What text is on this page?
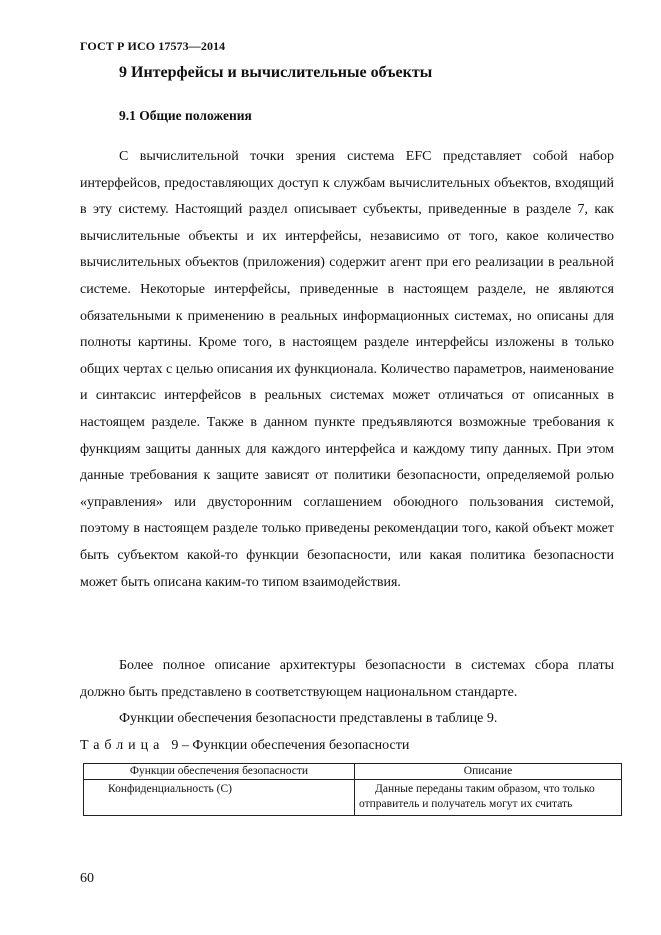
ГОСТ Р ИСО 17573—2014
9 Интерфейсы и вычислительные объекты
9.1 Общие положения

С вычислительной точки зрения система EFC представляет собой набор интерфейсов, предоставляющих доступ к службам вычислительных объектов, входящий в эту систему. Настоящий раздел описывает субъекты, приведенные в разделе 7, как вычислительные объекты и их интерфейсы, независимо от того, какое количество вычислительных объектов (приложения) содержит агент при его реализации в реальной системе. Некоторые интерфейсы, приведенные в настоящем разделе, не являются обязательными к применению в реальных информационных системах, но описаны для полноты картины. Кроме того, в настоящем разделе интерфейсы изложены в только общих чертах с целью описания их функционала. Количество параметров, наименование и синтаксис интерфейсов в реальных системах может отличаться от описанных в настоящем разделе. Также в данном пункте предъявляются возможные требования к функциям защиты данных для каждого интерфейса и каждому типу данных. При этом данные требования к защите зависят от политики безопасности, определяемой ролью «управления» или двусторонним соглашением обоюдного пользования системой, поэтому в настоящем разделе только приведены рекомендации того, какой объект может быть субъектом какой-то функции безопасности, или какая политика безопасности может быть описана каким-то типом взаимодействия.

Более полное описание архитектуры безопасности в системах сбора платы должно быть представлено в соответствующем национальном стандарте.

Функции обеспечения безопасности представлены в таблице 9.

Таблица 9 – Функции обеспечения безопасности
Функции обеспечения безопасности	Описание
Конфиденциальность (С)	Данные переданы таким образом, что только отправитель и получатель могут их считать
60
